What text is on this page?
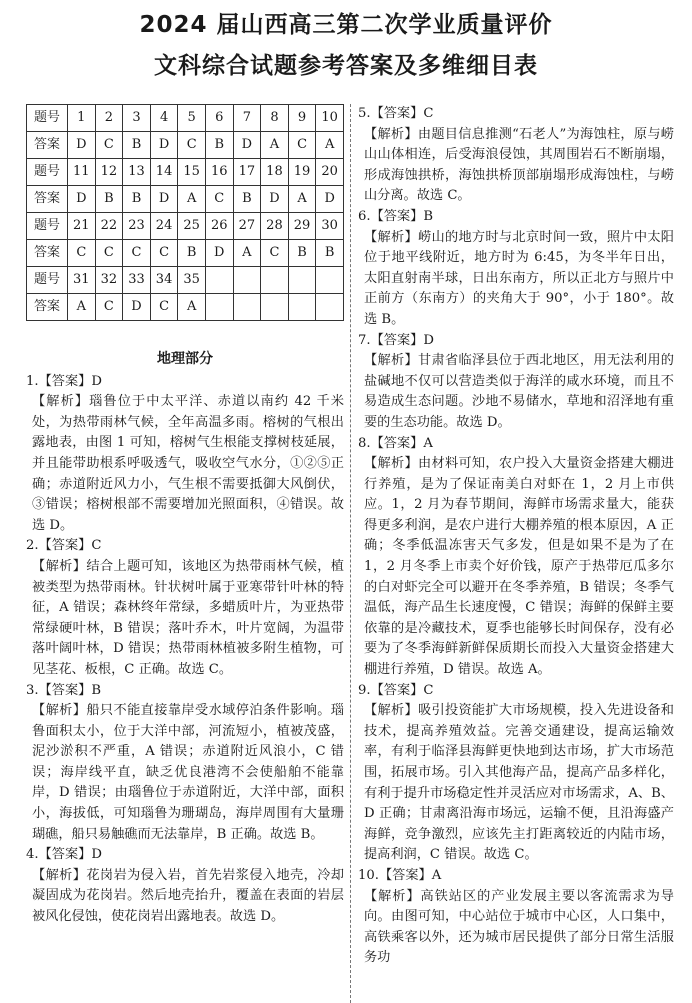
2024 届山西高三第二次学业质量评价
文科综合试题参考答案及多维细目表
题号	1	2	3	4	5	6	7	8	9	10
答案	D	C	B	D	C	B	D	A	C	A
题号	11	12	13	14	15	16	17	18	19	20
答案	D	B	B	D	A	C	B	D	A	D
题号	21	22	23	24	25	26	27	28	29	30
答案	C	C	C	C	B	D	A	C	B	B
题号	31	32	33	34	35					
答案	A	C	D	C	A					
地理部分
1.【答案】D
【解析】瑙鲁位于中太平洋、赤道以南约 42 千米处，为热带雨林气候，全年高温多雨。榕树的气根出露地表，由图 1 可知，榕树气生根能支撑树枝延展，并且能带助根系呼吸透气，吸收空气水分，①②⑤正确；赤道附近风力小，气生根不需要抵御大风倒伏，③错误；榕树根部不需要增加光照面积，④错误。故选 D。
2.【答案】C
【解析】结合上题可知，该地区为热带雨林气候，植被类型为热带雨林。针状树叶属于亚寒带针叶林的特征，A 错误；森林终年常绿，多蜡质叶片，为亚热带常绿硬叶林，B 错误；落叶乔木，叶片宽阔，为温带落叶阔叶林，D 错误；热带雨林植被多附生植物，可见茎花、板根，C 正确。故选 C。
3.【答案】B
【解析】船只不能直接靠岸受水域停泊条件影响。瑙鲁面积太小，位于大洋中部，河流短小，植被茂盛，泥沙淤积不严重，A 错误；赤道附近风浪小，C 错误；海岸线平直，缺乏优良港湾不会使船舶不能靠岸，D 错误；由瑙鲁位于赤道附近，大洋中部，面积小，海拔低，可知瑙鲁为珊瑚岛，海岸周围有大量珊瑚礁，船只易触礁而无法靠岸，B 正确。故选 B。
4.【答案】D
【解析】花岗岩为侵入岩，首先岩浆侵入地壳，冷却凝固成为花岗岩。然后地壳抬升，覆盖在表面的岩层被风化侵蚀，使花岗岩出露地表。故选 D。
5.【答案】C
【解析】由题目信息推测“石老人”为海蚀柱，原与崂山山体相连，后受海浪侵蚀，其周围岩石不断崩塌，形成海蚀拱桥，海蚀拱桥顶部崩塌形成海蚀柱，与崂山分离。故选 C。
6.【答案】B
【解析】崂山的地方时与北京时间一致，照片中太阳位于地平线附近，地方时为 6:45，为冬半年日出，太阳直射南半球，日出东南方，所以正北方与照片中正前方（东南方）的夹角大于 90°，小于 180°。故选 B。
7.【答案】D
【解析】甘肃省临泽县位于西北地区，用无法利用的盐碱地不仅可以营造类似于海洋的咸水环境，而且不易造成生态问题。沙地不易储水，草地和沼泽地有重要的生态功能。故选 D。
8.【答案】A
【解析】由材料可知，农户投入大量资金搭建大棚进行养殖，是为了保证南美白对虾在 1，2 月上市供应。1，2 月为春节期间，海鲜市场需求量大，能获得更多利润，是农户进行大棚养殖的根本原因，A 正确；冬季低温冻害天气多发，但是如果不是为了在 1，2 月冬季上市卖个好价钱，原产于热带厄瓜多尔的白对虾完全可以避开在冬季养殖，B 错误；冬季气温低，海产品生长速度慢，C 错误；海鲜的保鲜主要依靠的是冷藏技术，夏季也能够长时间保存，没有必要为了冬季海鲜新鲜保质期长而投入大量资金搭建大棚进行养殖，D 错误。故选 A。
9.【答案】C
【解析】吸引投资能扩大市场规模，投入先进设备和技术，提高养殖效益。完善交通建设，提高运输效率，有利于临泽县海鲜更快地到达市场，扩大市场范围，拓展市场。引入其他海产品，提高产品多样化，有利于提升市场稳定性并灵活应对市场需求，A、B、D 正确；甘肃离沿海市场远，运输不便，且沿海盛产海鲜，竞争激烈，应该先主打距离较近的内陆市场，提高利润，C 错误。故选 C。
10.【答案】A
【解析】高铁站区的产业发展主要以客流需求为导向。由图可知，中心站位于城市中心区，人口集中，高铁乘客以外，还为城市居民提供了部分日常生活服务功
